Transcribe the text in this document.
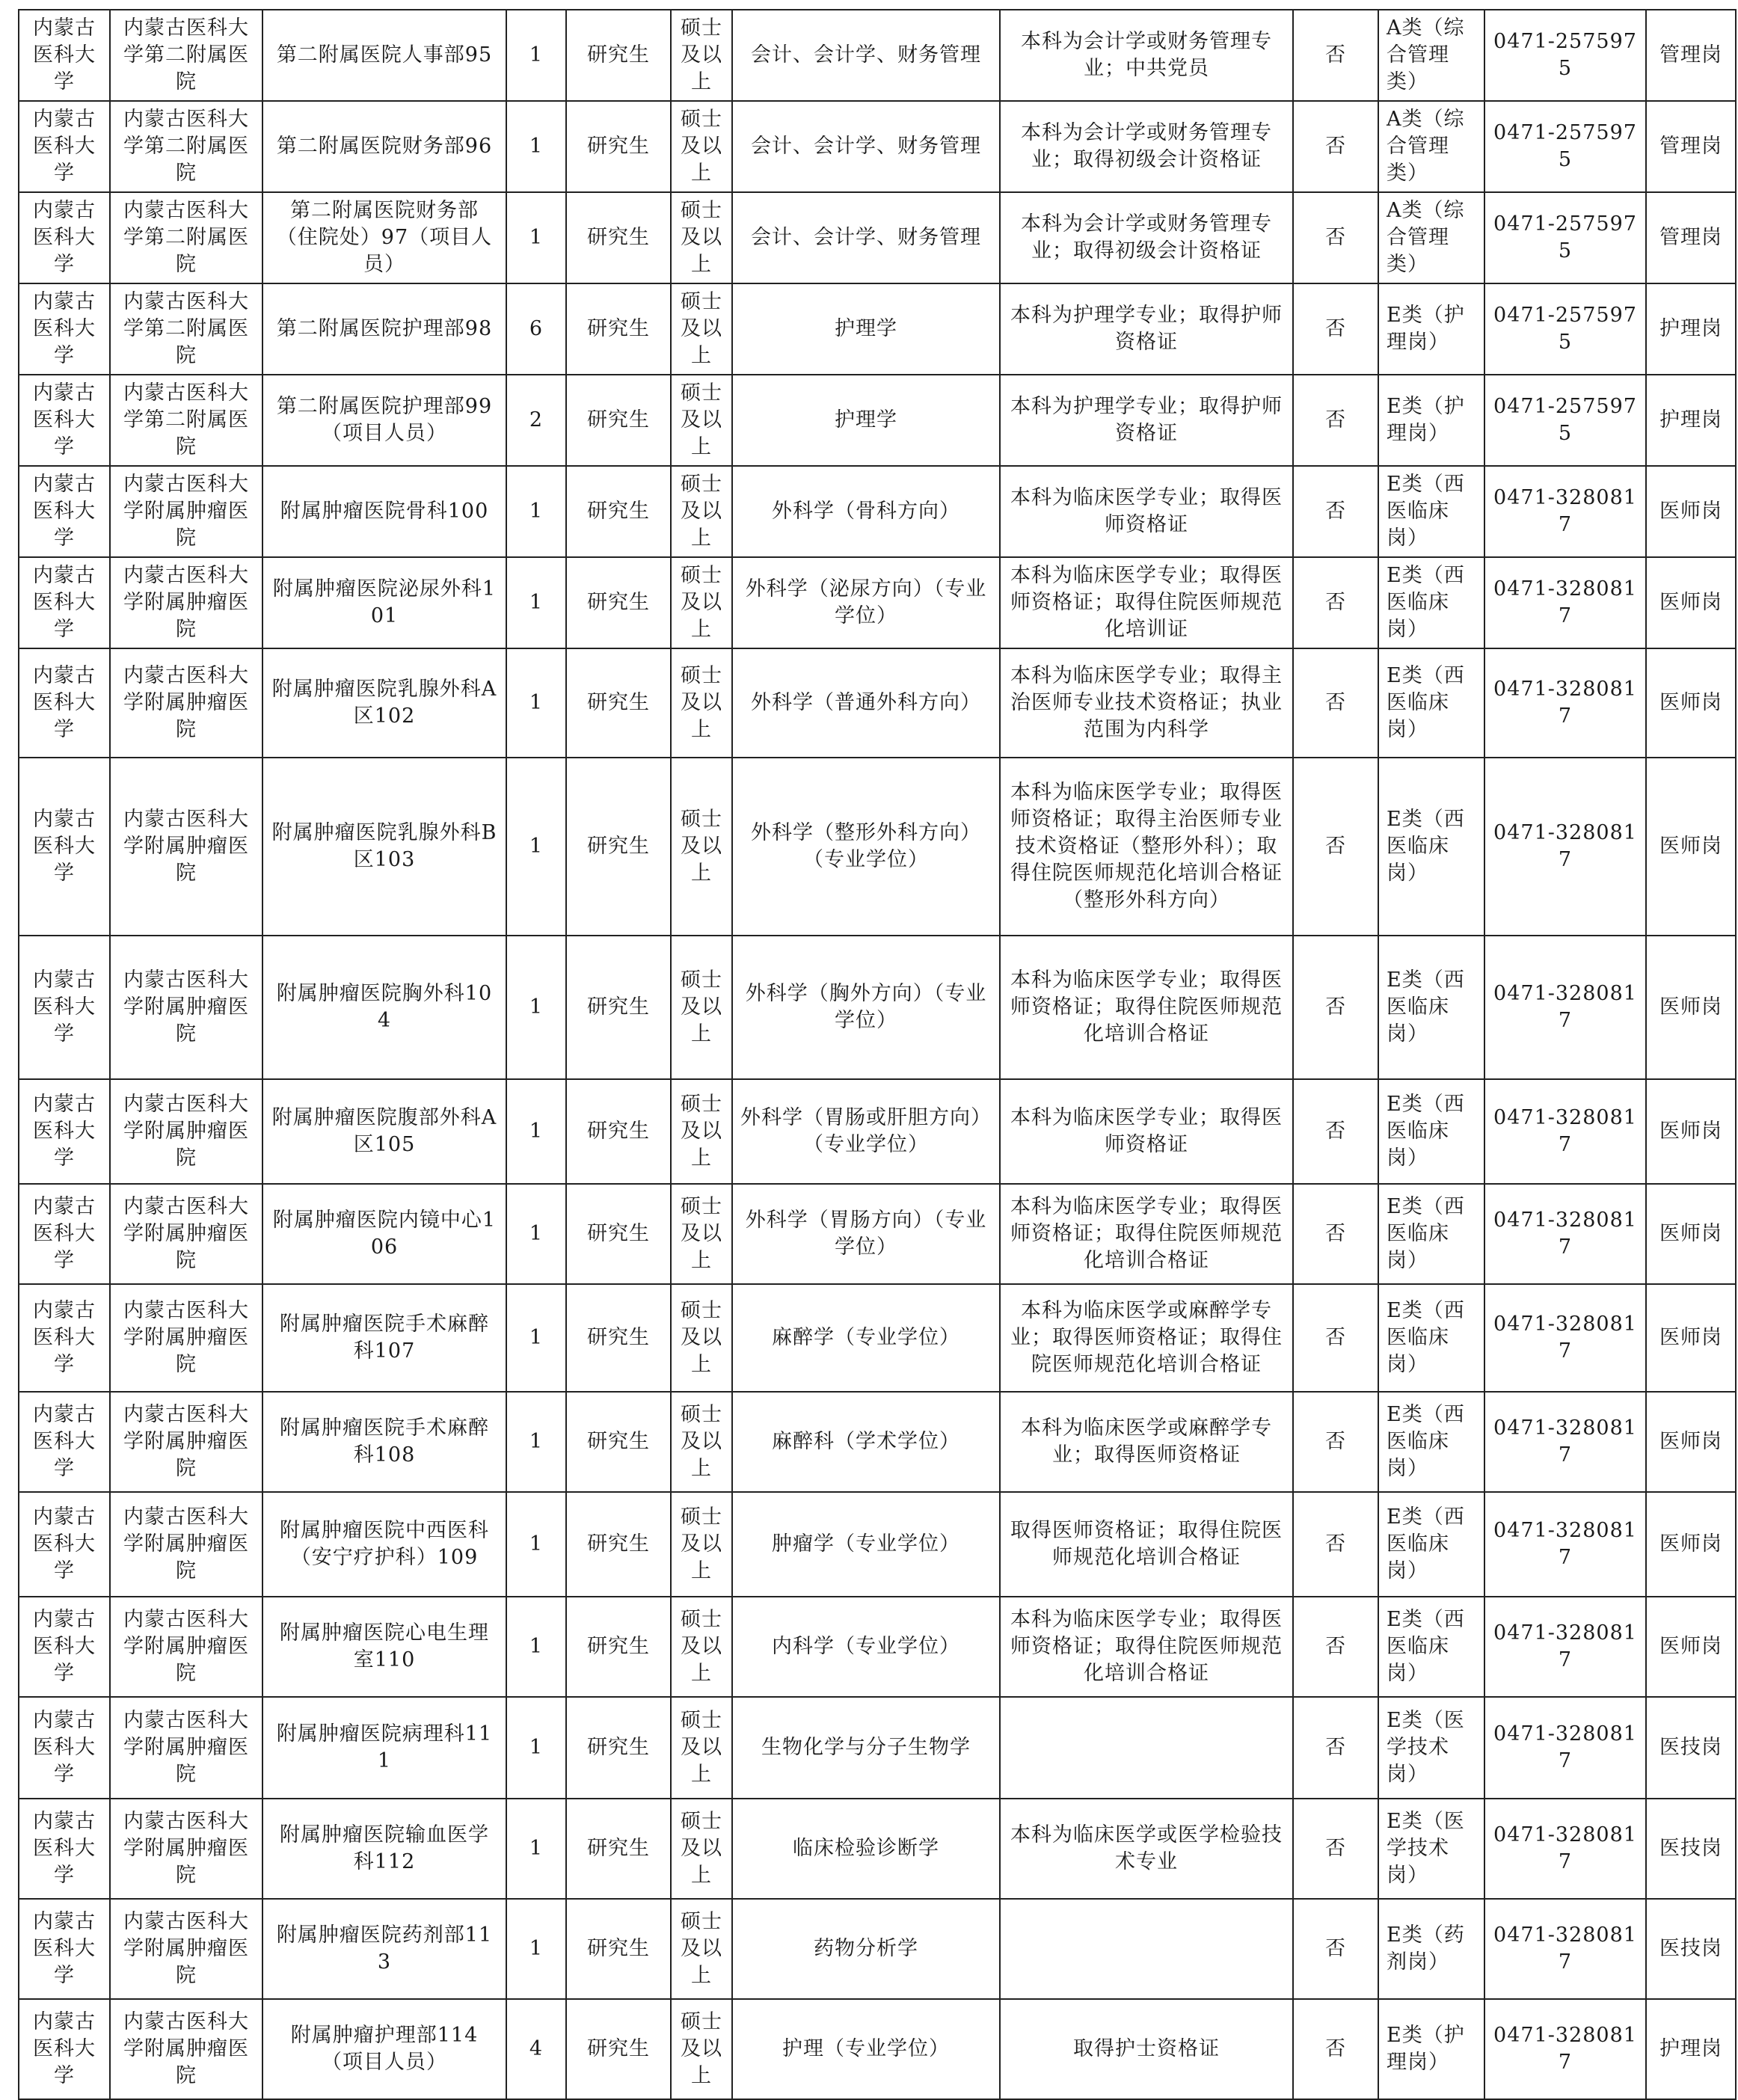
内蒙古医科大学	内蒙古医科大学第二附属医院	第二附属医院人事部95	1	研究生	硕士及以上	会计、会计学、财务管理	本科为会计学或财务管理专业；中共党员	否	A类（综合管理类）	0471-2575975	管理岗
内蒙古医科大学	内蒙古医科大学第二附属医院	第二附属医院财务部96	1	研究生	硕士及以上	会计、会计学、财务管理	本科为会计学或财务管理专业；取得初级会计资格证	否	A类（综合管理类）	0471-2575975	管理岗
内蒙古医科大学	内蒙古医科大学第二附属医院	第二附属医院财务部（住院处）97（项目人员）	1	研究生	硕士及以上	会计、会计学、财务管理	本科为会计学或财务管理专业；取得初级会计资格证	否	A类（综合管理类）	0471-2575975	管理岗
内蒙古医科大学	内蒙古医科大学第二附属医院	第二附属医院护理部98	6	研究生	硕士及以上	护理学	本科为护理学专业；取得护师资格证	否	E类（护理岗）	0471-2575975	护理岗
内蒙古医科大学	内蒙古医科大学第二附属医院	第二附属医院护理部99（项目人员）	2	研究生	硕士及以上	护理学	本科为护理学专业；取得护师资格证	否	E类（护理岗）	0471-2575975	护理岗
内蒙古医科大学	内蒙古医科大学附属肿瘤医院	附属肿瘤医院骨科100	1	研究生	硕士及以上	外科学（骨科方向）	本科为临床医学专业；取得医师资格证	否	E类（西医临床岗）	0471-3280817	医师岗
内蒙古医科大学	内蒙古医科大学附属肿瘤医院	附属肿瘤医院泌尿外科101	1	研究生	硕士及以上	外科学（泌尿方向）（专业学位）	本科为临床医学专业；取得医师资格证；取得住院医师规范化培训证	否	E类（西医临床岗）	0471-3280817	医师岗
内蒙古医科大学	内蒙古医科大学附属肿瘤医院	附属肿瘤医院乳腺外科A区102	1	研究生	硕士及以上	外科学（普通外科方向）	本科为临床医学专业；取得主治医师专业技术资格证；执业范围为内科学	否	E类（西医临床岗）	0471-3280817	医师岗
内蒙古医科大学	内蒙古医科大学附属肿瘤医院	附属肿瘤医院乳腺外科B区103	1	研究生	硕士及以上	外科学（整形外科方向）（专业学位）	本科为临床医学专业；取得医师资格证；取得主治医师专业技术资格证（整形外科）；取得住院医师规范化培训合格证（整形外科方向）	否	E类（西医临床岗）	0471-3280817	医师岗
内蒙古医科大学	内蒙古医科大学附属肿瘤医院	附属肿瘤医院胸外科104	1	研究生	硕士及以上	外科学（胸外方向）（专业学位）	本科为临床医学专业；取得医师资格证；取得住院医师规范化培训合格证	否	E类（西医临床岗）	0471-3280817	医师岗
内蒙古医科大学	内蒙古医科大学附属肿瘤医院	附属肿瘤医院腹部外科A区105	1	研究生	硕士及以上	外科学（胃肠或肝胆方向）（专业学位）	本科为临床医学专业；取得医师资格证	否	E类（西医临床岗）	0471-3280817	医师岗
内蒙古医科大学	内蒙古医科大学附属肿瘤医院	附属肿瘤医院内镜中心106	1	研究生	硕士及以上	外科学（胃肠方向）（专业学位）	本科为临床医学专业；取得医师资格证；取得住院医师规范化培训合格证	否	E类（西医临床岗）	0471-3280817	医师岗
内蒙古医科大学	内蒙古医科大学附属肿瘤医院	附属肿瘤医院手术麻醉科107	1	研究生	硕士及以上	麻醉学（专业学位）	本科为临床医学或麻醉学专业；取得医师资格证；取得住院医师规范化培训合格证	否	E类（西医临床岗）	0471-3280817	医师岗
内蒙古医科大学	内蒙古医科大学附属肿瘤医院	附属肿瘤医院手术麻醉科108	1	研究生	硕士及以上	麻醉科（学术学位）	本科为临床医学或麻醉学专业；取得医师资格证	否	E类（西医临床岗）	0471-3280817	医师岗
内蒙古医科大学	内蒙古医科大学附属肿瘤医院	附属肿瘤医院中西医科（安宁疗护科）109	1	研究生	硕士及以上	肿瘤学（专业学位）	取得医师资格证；取得住院医师规范化培训合格证	否	E类（西医临床岗）	0471-3280817	医师岗
内蒙古医科大学	内蒙古医科大学附属肿瘤医院	附属肿瘤医院心电生理室110	1	研究生	硕士及以上	内科学（专业学位）	本科为临床医学专业；取得医师资格证；取得住院医师规范化培训合格证	否	E类（西医临床岗）	0471-3280817	医师岗
内蒙古医科大学	内蒙古医科大学附属肿瘤医院	附属肿瘤医院病理科111	1	研究生	硕士及以上	生物化学与分子生物学		否	E类（医学技术岗）	0471-3280817	医技岗
内蒙古医科大学	内蒙古医科大学附属肿瘤医院	附属肿瘤医院输血医学科112	1	研究生	硕士及以上	临床检验诊断学	本科为临床医学或医学检验技术专业	否	E类（医学技术岗）	0471-3280817	医技岗
内蒙古医科大学	内蒙古医科大学附属肿瘤医院	附属肿瘤医院药剂部113	1	研究生	硕士及以上	药物分析学		否	E类（药剂岗）	0471-3280817	医技岗
内蒙古医科大学	内蒙古医科大学附属肿瘤医院	附属肿瘤护理部114（项目人员）	4	研究生	硕士及以上	护理（专业学位）	取得护士资格证	否	E类（护理岗）	0471-3280817	护理岗
